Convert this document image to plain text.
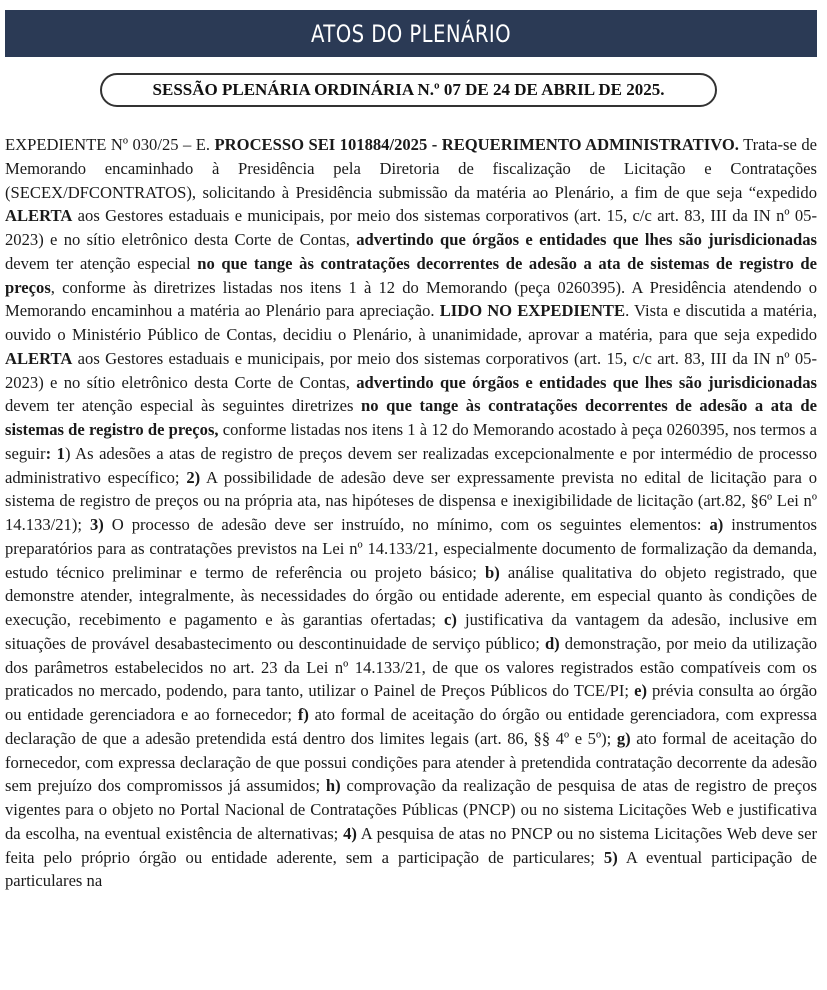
ATOS DO PLENÁRIO
SESSÃO PLENÁRIA ORDINÁRIA N.º 07 DE 24 DE ABRIL DE 2025.

EXPEDIENTE Nº 030/25 – E. PROCESSO SEI 101884/2025 - REQUERIMENTO ADMINISTRATIVO. Trata-se de Memorando encaminhado à Presidência pela Diretoria de fiscalização de Licitação e Contratações (SECEX/DFCONTRATOS), solicitando à Presidência submissão da matéria ao Plenário, a fim de que seja “expedido ALERTA aos Gestores estaduais e municipais, por meio dos sistemas corporativos (art. 15, c/c art. 83, III da IN nº 05-2023) e no sítio eletrônico desta Corte de Contas, advertindo que órgãos e entidades que lhes são jurisdicionadas devem ter atenção especial no que tange às contratações decorrentes de adesão a ata de sistemas de registro de preços, conforme às diretrizes listadas nos itens 1 à 12 do Memorando (peça 0260395). A Presidência atendendo o Memorando encaminhou a matéria ao Plenário para apreciação. LIDO NO EXPEDIENTE. Vista e discutida a matéria, ouvido o Ministério Público de Contas, decidiu o Plenário, à unanimidade, aprovar a matéria, para que seja expedido ALERTA aos Gestores estaduais e municipais, por meio dos sistemas corporativos (art. 15, c/c art. 83, III da IN nº 05-2023) e no sítio eletrônico desta Corte de Contas, advertindo que órgãos e entidades que lhes são jurisdicionadas devem ter atenção especial às seguintes diretrizes no que tange às contratações decorrentes de adesão a ata de sistemas de registro de preços, conforme listadas nos itens 1 à 12 do Memorando acostado à peça 0260395, nos termos a seguir: 1) As adesões a atas de registro de preços devem ser realizadas excepcionalmente e por intermédio de processo administrativo específico; 2) A possibilidade de adesão deve ser expressamente prevista no edital de licitação para o sistema de registro de preços ou na própria ata, nas hipóteses de dispensa e inexigibilidade de licitação (art.82, §6º Lei nº 14.133/21); 3) O processo de adesão deve ser instruído, no mínimo, com os seguintes elementos: a) instrumentos preparatórios para as contratações previstos na Lei nº 14.133/21, especialmente documento de formalização da demanda, estudo técnico preliminar e termo de referência ou projeto básico; b) análise qualitativa do objeto registrado, que demonstre atender, integralmente, às necessidades do órgão ou entidade aderente, em especial quanto às condições de execução, recebimento e pagamento e às garantias ofertadas; c) justificativa da vantagem da adesão, inclusive em situações de provável desabastecimento ou descontinuidade de serviço público; d) demonstração, por meio da utilização dos parâmetros estabelecidos no art. 23 da Lei nº 14.133/21, de que os valores registrados estão compatíveis com os praticados no mercado, podendo, para tanto, utilizar o Painel de Preços Públicos do TCE/PI; e) prévia consulta ao órgão ou entidade gerenciadora e ao fornecedor; f) ato formal de aceitação do órgão ou entidade gerenciadora, com expressa declaração de que a adesão pretendida está dentro dos limites legais (art. 86, §§ 4º e 5º); g) ato formal de aceitação do fornecedor, com expressa declaração de que possui condições para atender à pretendida contratação decorrente da adesão sem prejuízo dos compromissos já assumidos; h) comprovação da realização de pesquisa de atas de registro de preços vigentes para o objeto no Portal Nacional de Contratações Públicas (PNCP) ou no sistema Licitações Web e justificativa da escolha, na eventual existência de alternativas; 4) A pesquisa de atas no PNCP ou no sistema Licitações Web deve ser feita pelo próprio órgão ou entidade aderente, sem a participação de particulares; 5) A eventual participação de particulares na
